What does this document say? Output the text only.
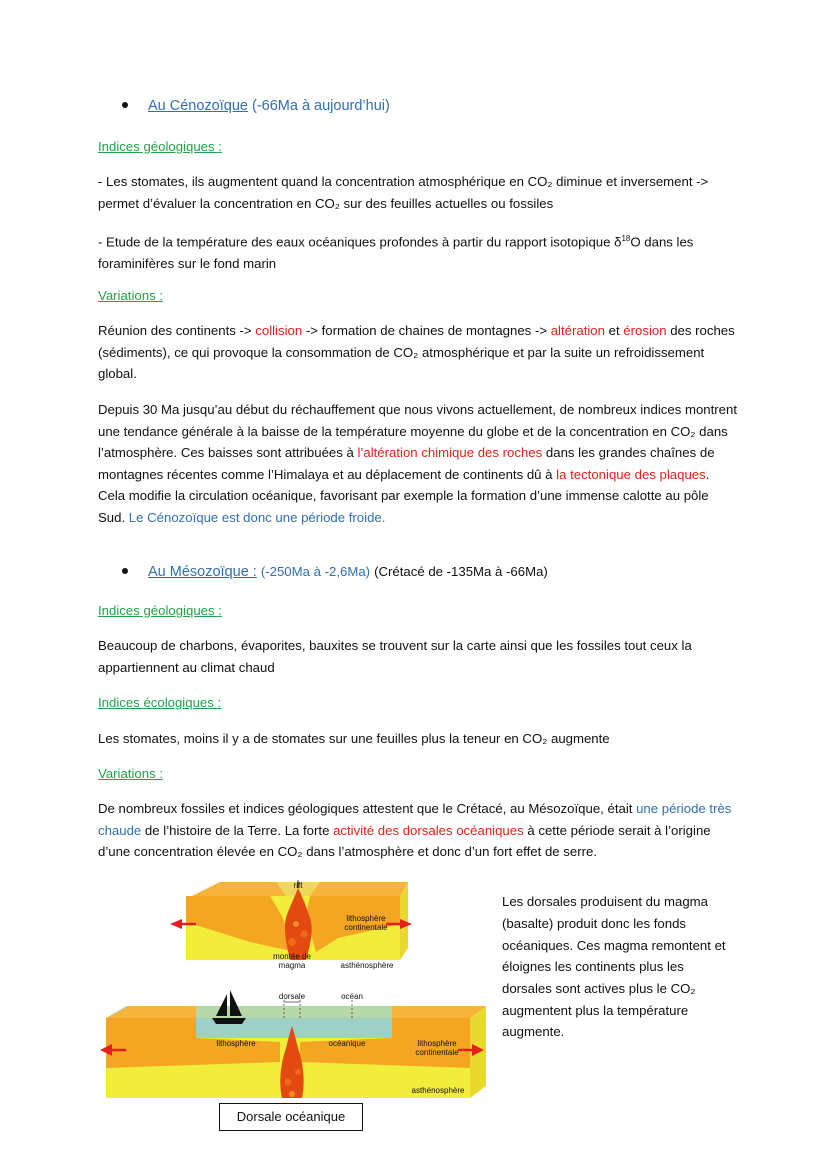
Au Cénozoïque (-66Ma à aujourd’hui)

Indices géologiques :

- Les stomates, ils augmentent quand la concentration atmosphérique en CO₂ diminue et inversement -> permet d’évaluer la concentration en CO₂ sur des feuilles actuelles ou fossiles

- Etude de la température des eaux océaniques profondes à partir du rapport isotopique $\delta^{18}O$ dans les foraminifères sur le fond marin

Variations :

Réunion des continents -> collision -> formation de chaines de montagnes -> altération et érosion des roches (sédiments), ce qui provoque la consommation de CO₂ atmosphérique et par la suite un refroidissement global.

Depuis 30 Ma jusqu’au début du réchauffement que nous vivons actuellement, de nombreux indices montrent une tendance générale à la baisse de la température moyenne du globe et de la concentration en CO₂ dans l’atmosphère. Ces baisses sont attribuées à l’altération chimique des roches dans les grandes chaînes de montagnes récentes comme l’Himalaya et au déplacement de continents dû à la tectonique des plaques. Cela modifie la circulation océanique, favorisant par exemple la formation d’une immense calotte au pôle Sud. Le Cénozoïque est donc une période froide.

Au Mésozoïque : (-250Ma à -2,6Ma) (Crétacé de -135Ma à -66Ma)

Indices géologiques :

Beaucoup de charbons, évaporites, bauxites se trouvent sur la carte ainsi que les fossiles tout ceux la appartiennent au climat chaud

Indices écologiques :

Les stomates, moins il y a de stomates sur une feuilles plus la teneur en CO₂ augmente

Variations :

De nombreux fossiles et indices géologiques attestent que le Crétacé, au Mésozoïque, était une période très chaude de l’histoire de la Terre. La forte activité des dorsales océaniques à cette période serait à l’origine d’une concentration élevée en CO₂ dans l’atmosphère et donc d’un fort effet de serre.

rift
lithosphère continentale
montée de magma	asthénosphère
dorsale	océan
lithosphère	océanique	lithosphère continentale
asthénosphère
Dorsale océanique

Les dorsales produisent du magma (basalte) produit donc les fonds océaniques. Ces magma remontent et éloignes les continents plus les dorsales sont actives plus le CO₂ augmentent plus la température augmente.
